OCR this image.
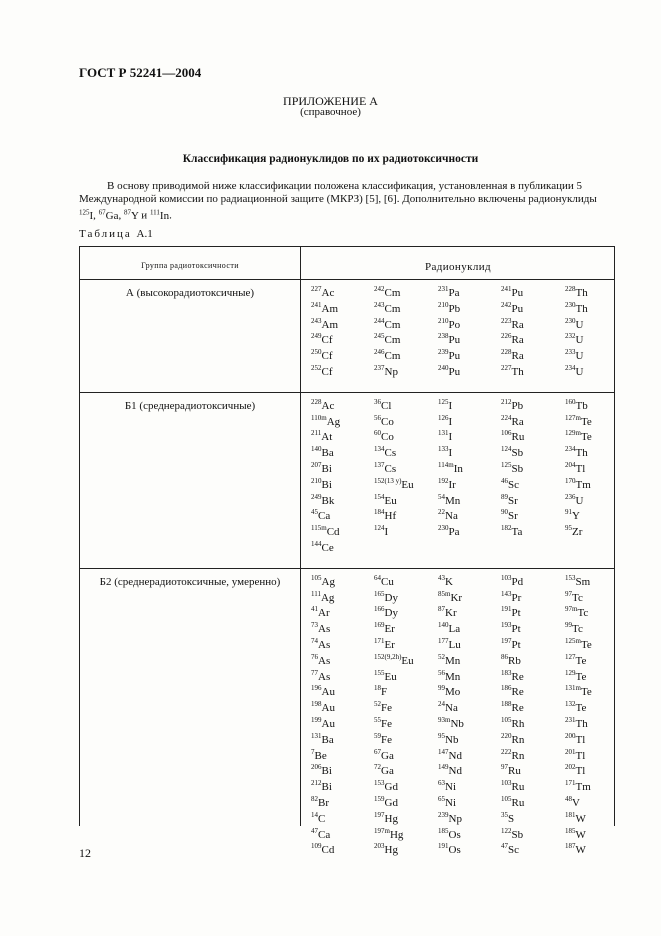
ГОСТ Р 52241—2004
ПРИЛОЖЕНИЕ А
(справочное)
Классификация радионуклидов по их радиотоксичности
В основу приводимой ниже классификации положена классификация, установленная в публикации 5
Международной комиссии по радиационной защите (МКРЗ) [5], [6]. Дополнительно включены радионуклиды
$^{125}$I, $^{67}$Ga, $^{87}$Y и $^{111}$In.
Таблица А.1
Группа радиотоксичности	Радионуклид
А (высокорадиотоксичные)	$^{227}$Ac	$^{242}$Cm	$^{231}$Pa	$^{241}$Pu	$^{228}$Th
$^{241}$Am	$^{243}$Cm	$^{210}$Pb	$^{242}$Pu	$^{230}$Th
$^{243}$Am	$^{244}$Cm	$^{210}$Po	$^{223}$Ra	$^{230}$U
$^{249}$Cf	$^{245}$Cm	$^{238}$Pu	$^{226}$Ra	$^{232}$U
$^{250}$Cf	$^{246}$Cm	$^{239}$Pu	$^{228}$Ra	$^{233}$U
$^{252}$Cf	$^{237}$Np	$^{240}$Pu	$^{227}$Th	$^{234}$U
Б1 (среднерадиотоксичные)	$^{228}$Ac	$^{36}$Cl	$^{125}$I	$^{212}$Pb	$^{160}$Tb
$^{110m}$Ag	$^{56}$Co	$^{126}$I	$^{224}$Ra	$^{127m}$Te
$^{211}$At	$^{60}$Co	$^{131}$I	$^{106}$Ru	$^{129m}$Te
$^{140}$Ba	$^{134}$Cs	$^{133}$I	$^{124}$Sb	$^{234}$Th
$^{207}$Bi	$^{137}$Cs	$^{114m}$In	$^{125}$Sb	$^{204}$Tl
$^{210}$Bi	$^{152(13 y)}$Eu	$^{192}$Ir	$^{46}$Sc	$^{170}$Tm
$^{249}$Bk	$^{154}$Eu	$^{54}$Mn	$^{89}$Sr	$^{236}$U
$^{45}$Ca	$^{184}$Hf	$^{22}$Na	$^{90}$Sr	$^{91}$Y
$^{115m}$Cd	$^{124}$I	$^{230}$Pa	$^{182}$Ta	$^{95}$Zr
$^{144}$Ce
Б2 (среднерадиотоксичные, умеренно)	$^{105}$Ag	$^{64}$Cu	$^{43}$K	$^{103}$Pd	$^{153}$Sm
$^{111}$Ag	$^{165}$Dy	$^{85m}$Kr	$^{143}$Pr	$^{97}$Tc
$^{41}$Ar	$^{166}$Dy	$^{87}$Kr	$^{191}$Pt	$^{97m}$Tc
$^{73}$As	$^{169}$Er	$^{140}$La	$^{193}$Pt	$^{99}$Tc
$^{74}$As	$^{171}$Er	$^{177}$Lu	$^{197}$Pt	$^{125m}$Te
$^{76}$As	$^{152(9,2h)}$Eu	$^{52}$Mn	$^{86}$Rb	$^{127}$Te
$^{77}$As	$^{155}$Eu	$^{56}$Mn	$^{183}$Re	$^{129}$Te
$^{196}$Au	$^{18}$F	$^{99}$Mo	$^{186}$Re	$^{131m}$Te
$^{198}$Au	$^{52}$Fe	$^{24}$Na	$^{188}$Re	$^{132}$Te
$^{199}$Au	$^{55}$Fe	$^{93m}$Nb	$^{105}$Rh	$^{231}$Th
$^{131}$Ba	$^{59}$Fe	$^{95}$Nb	$^{220}$Rn	$^{200}$Tl
$^7$Be	$^{67}$Ga	$^{147}$Nd	$^{222}$Rn	$^{201}$Tl
$^{206}$Bi	$^{72}$Ga	$^{149}$Nd	$^{97}$Ru	$^{202}$Tl
$^{212}$Bi	$^{153}$Gd	$^{63}$Ni	$^{103}$Ru	$^{171}$Tm
$^{82}$Br	$^{159}$Gd	$^{65}$Ni	$^{105}$Ru	$^{48}$V
$^{14}$C	$^{197}$Hg	$^{239}$Np	$^{35}$S	$^{181}$W
$^{47}$Ca	$^{197m}$Hg	$^{185}$Os	$^{122}$Sb	$^{185}$W
$^{109}$Cd	$^{203}$Hg	$^{191}$Os	$^{47}$Sc	$^{187}$W
12
